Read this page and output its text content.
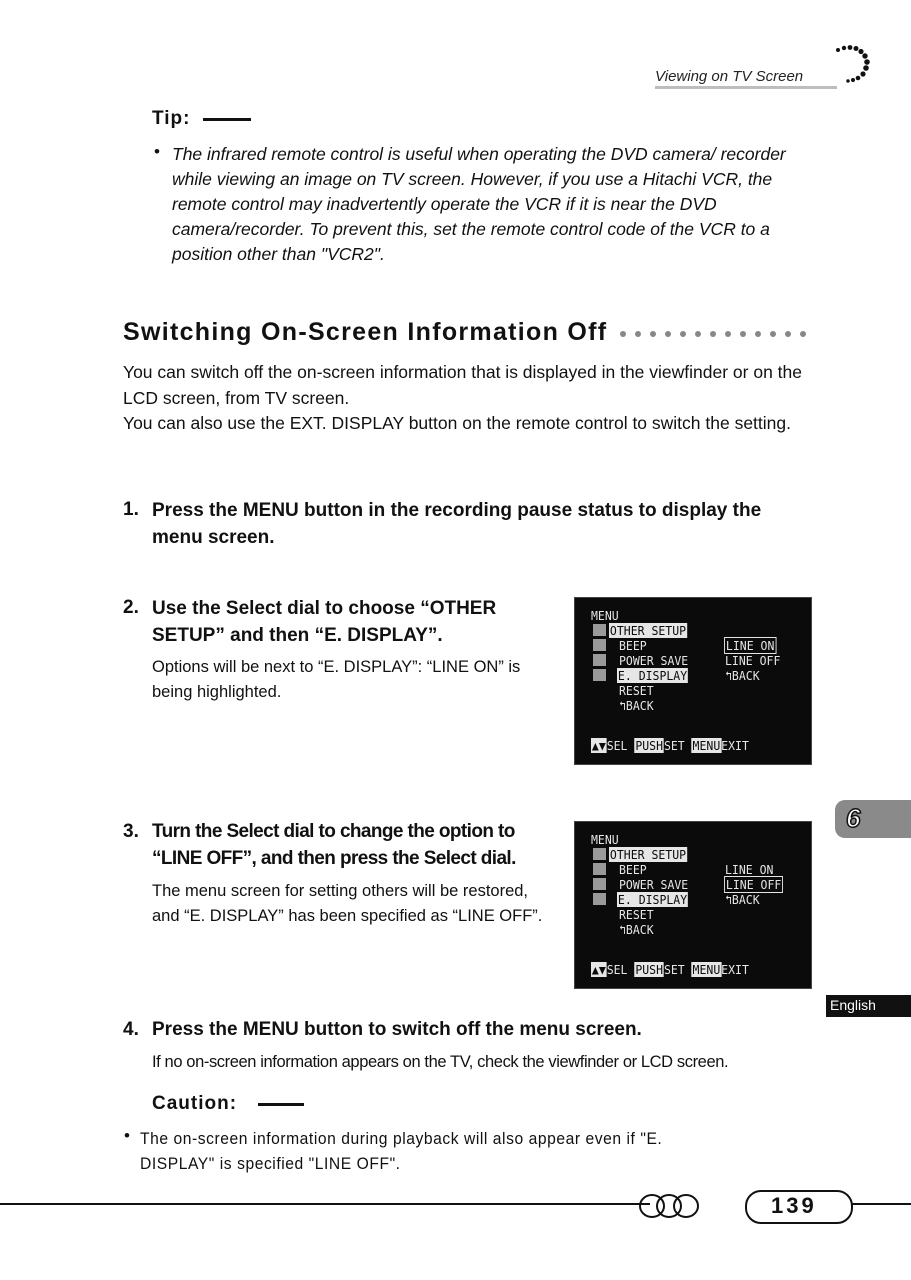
Viewing on TV Screen
Tip:
• The infrared remote control is useful when operating the DVD camera/ recorder while viewing an image on TV screen. However, if you use a Hitachi VCR, the remote control may inadvertently operate the VCR if it is near the DVD camera/recorder. To prevent this, set the remote control code of the VCR to a position other than "VCR2".
Switching On-Screen Information Off
You can switch off the on-screen information that is displayed in the viewfinder or on the LCD screen, from TV screen.
You can also use the EXT. DISPLAY button on the remote control to switch the setting.
1. Press the MENU button in the recording pause status to display the menu screen.
2. Use the Select dial to choose “OTHER SETUP” and then “E. DISPLAY”.
Options will be next to “E. DISPLAY”: “LINE ON” is being highlighted.
MENU
OTHER SETUP
BEEP
POWER SAVE
E. DISPLAY
RESET
↰BACK
LINE ON
LINE OFF
↰BACK
▲▼SEL PUSHSET MENUEXIT
3. Turn the Select dial to change the option to “LINE OFF”, and then press the Select dial.
The menu screen for setting others will be restored, and “E. DISPLAY” has been specified as “LINE OFF”.
MENU
OTHER SETUP
BEEP
POWER SAVE
E. DISPLAY
RESET
↰BACK
LINE ON
LINE OFF
↰BACK
▲▼SEL PUSHSET MENUEXIT
6
English
4. Press the MENU button to switch off the menu screen.
If no on-screen information appears on the TV, check the viewfinder or LCD screen.
Caution:
• The on-screen information during playback will also appear even if "E. DISPLAY" is specified "LINE OFF".
139
